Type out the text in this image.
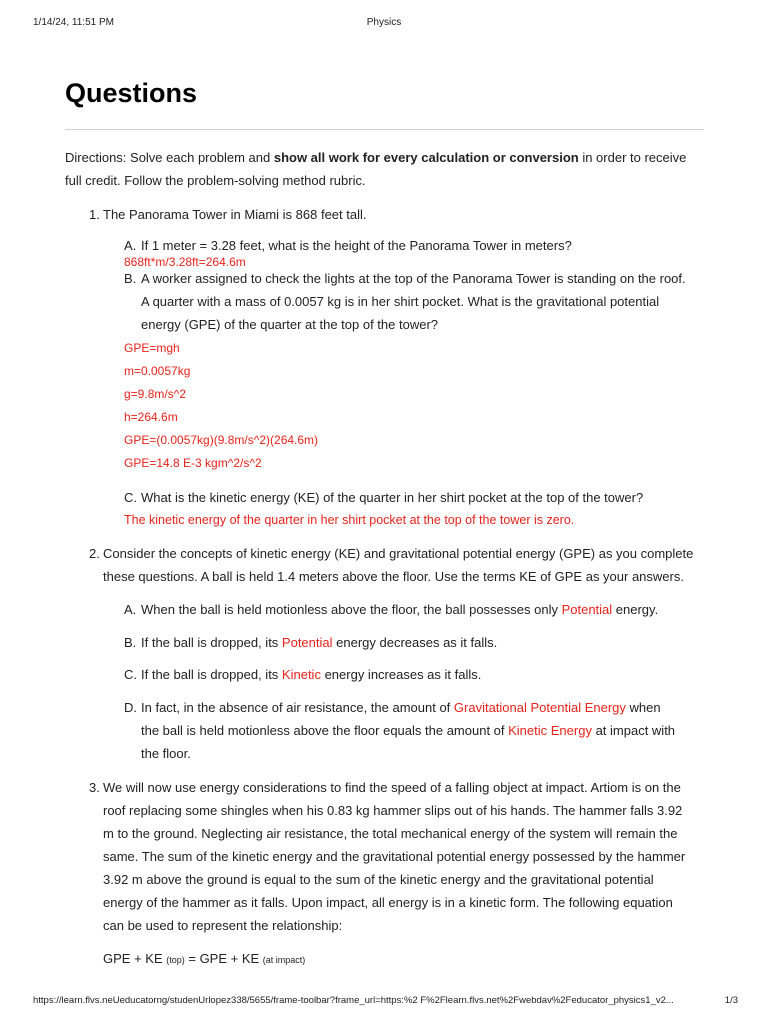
1/14/24, 11:51 PM	Physics
Questions
Directions: Solve each problem and show all work for every calculation or conversion in order to receive
full credit. Follow the problem-solving method rubric.
1. The Panorama Tower in Miami is 868 feet tall.
A. If 1 meter = 3.28 feet, what is the height of the Panorama Tower in meters?
868ft*m/3.28ft=264.6m
B. A worker assigned to check the lights at the top of the Panorama Tower is standing on the roof.
A quarter with a mass of 0.0057 kg is in her shirt pocket. What is the gravitational potential
energy (GPE) of the quarter at the top of the tower?
GPE=mgh
m=0.0057kg
g=9.8m/s^2
h=264.6m
GPE=(0.0057kg)(9.8m/s^2)(264.6m)
GPE=14.8 E-3 kgm^2/s^2
C. What is the kinetic energy (KE) of the quarter in her shirt pocket at the top of the tower?
The kinetic energy of the quarter in her shirt pocket at the top of the tower is zero.
2. Consider the concepts of kinetic energy (KE) and gravitational potential energy (GPE) as you complete
these questions. A ball is held 1.4 meters above the floor. Use the terms KE of GPE as your answers.
A. When the ball is held motionless above the floor, the ball possesses only Potential energy.
B. If the ball is dropped, its Potential energy decreases as it falls.
C. If the ball is dropped, its Kinetic energy increases as it falls.
D. In fact, in the absence of air resistance, the amount of Gravitational Potential Energy when
the ball is held motionless above the floor equals the amount of Kinetic Energy at impact with
the floor.
3. We will now use energy considerations to find the speed of a falling object at impact. Artiom is on the
roof replacing some shingles when his 0.83 kg hammer slips out of his hands. The hammer falls 3.92
m to the ground. Neglecting air resistance, the total mechanical energy of the system will remain the
same. The sum of the kinetic energy and the gravitational potential energy possessed by the hammer
3.92 m above the ground is equal to the sum of the kinetic energy and the gravitational potential
energy of the hammer as it falls. Upon impact, all energy is in a kinetic form. The following equation
can be used to represent the relationship:
GPE + KE (top) = GPE + KE (at impact)
https://learn.flvs.neUeducatorng/studenUrlopez338/5655/frame-toolbar?frame_url=https:%2 F%2Flearn.flvs.net%2Fwebdav%2Feducator_physics1_v2...	1/3
